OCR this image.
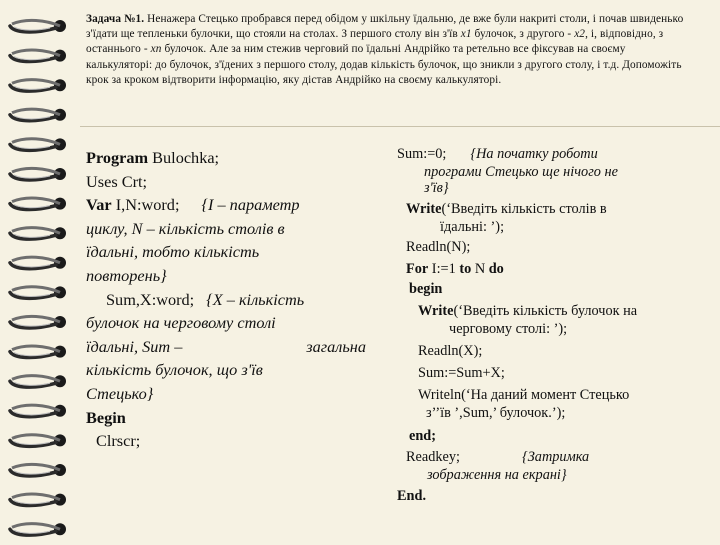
Задача №1. Ненажера Стецько пробрався перед обідом у шкільну їдальню, де вже були накриті столи, і почав швиденько з'їдати ще тепленьки булочки, що стояли на столах. З першого столу він з'їв x1 булочок, з другого - x2, і, відповідно, з останнього - xn булочок. Але за ним стежив черговий по їдальні Андрійко та ретельно все фіксував на своєму калькуляторі: до булочок, з'їдених з першого столу, додав кількість булочок, що зникли з другого столу, і т.д. Допоможіть крок за кроком відтворити інформацію, яку дістав Андрійко на своєму калькуляторі.
Program Bulochka;
Uses Crt;
Var I,N:word; {I – параметр
циклу, N – кількість столів в
їдальні, тобто кількість
повторень}
Sum,X:word; {X – кількість
булочок на черговому столі
їдальні, Sum –	загальна
кількість булочок, що з'їв
Стецько}
Begin
Clrscr;
Sum:=0; {На початку роботи
програми Стецько ще нічого не
з'їв}
Write(‘Введіть кількість столів в
їдальні: ’);
Readln(N);
For I:=1 to N do
begin
Write(‘Введіть кількість булочок на
черговому столі: ’);
Readln(X);
Sum:=Sum+X;
Writeln(‘На даний момент Стецько
з’’їв ’,Sum,’ булочок.’);
end;
Readkey;	{Затримка
зображення на екрані}
End.
